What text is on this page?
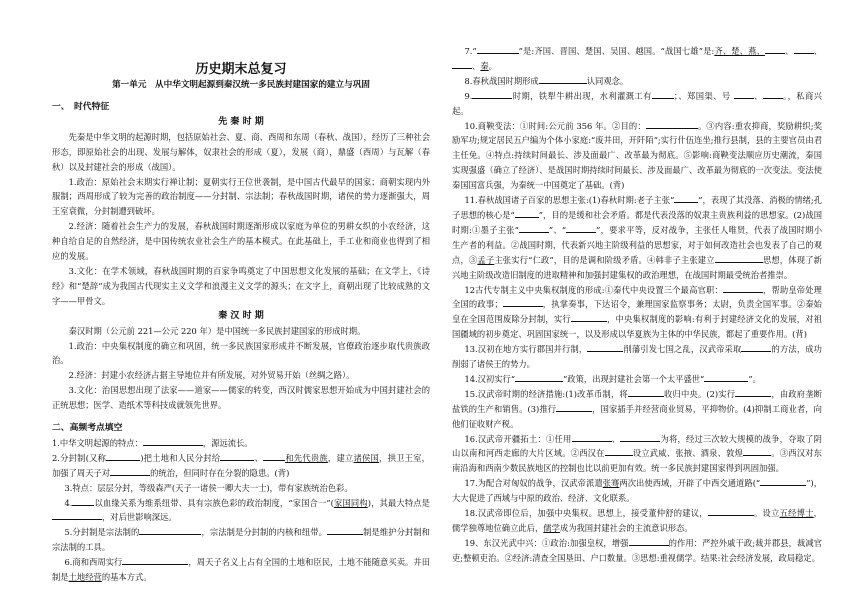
历史期末总复习
第一单元　从中华文明起源到秦汉统一多民族封建国家的建立与巩固

一、　时代特征

先 秦 时 期

先秦是中华文明的起源时期，包括原始社会、夏、商、西周和东周（春秋、战国），经历了三种社会形态，即原始社会的出现、发展与解体，奴隶社会的形成（夏），发展（商），鼎盛（西周）与瓦解（春秋）以及封建社会的形成（战国）。

1.政治：原始社会末期实行禅让制；夏朝实行王位世袭制，是中国古代最早的国家；商朝实现内外服制；西周形成了较为完善的政治制度——分封制、宗法制；春秋战国时期，诸侯的势力逐渐强大，周王室衰微，分封制遭到破坏。

2.经济：随着社会生产力的发展，春秋战国时期逐渐形成以家庭为单位的男耕女织的小农经济，这种自给自足的自然经济，是中国传统农业社会生产的基本模式。在此基础上，手工业和商业也得到了相应的发展。

3.文化：在学术领域，春秋战国时期的百家争鸣奠定了中国思想文化发展的基础；在文学上，《诗经》和“楚辞”成为我国古代现实主义文学和浪漫主义文学的源头；在文字上，商朝出现了比较成熟的文字——甲骨文。

秦 汉 时 期

秦汉时期（公元前 221—公元 220 年）是中国统一多民族封建国家的形成时期。

1.政治：中央集权制度的确立和巩固，统一多民族国家形成并不断发展，官僚政治逐步取代贵族政治。

2.经济：封建小农经济占据主导地位并有所发展，对外贸易开始（丝绸之路）。

3.文化：治国思想出现了法家——道家——儒家的转变，西汉时儒家思想开始成为中国封建社会的正统思想；医学、造纸术等科技成就领先世界。

二、高频考点填空

1.中华文明起源的特点：	，源远流长。

2.分封制(又称	)把土地和人民分封给	、	和先代贵族，建立诸侯国，拱卫王室，加强了周天子对	的统治，但同时存在分裂的隐患。(背)

3.特点：层层分封，等级森严(天子一诸侯一卿大夫一士)，带有家族统治色彩。

4.	以血缘关系为维系纽带、具有宗族色彩的政治制度，“家国合一”(家国同构)，其最大特点是，对后世影响深远。

5.分封制是宗法制的	，宗法制是分封制的内核和纽带。	制是维护分封制和宗法制的工具。

6.商和西周实行	，周天子名义上占有全国的土地和臣民，土地不能随意买卖。井田制是土地经营的基本方式。

7.“	”是:齐国、晋国、楚国、吴国、越国。“战国七雄”是:齐、楚、燕、 、 、、秦。

8.春秋战国时期形成	认同观念。

9.	时期，铁犁牛耕出现，水利灌溉工有	；、郑国渠、号 、 。，私商兴起。

10.商鞅变法：①时间:公元前 356 年。②目的：	。③内容:重农抑商，奖励耕织;奖励军功;规定居民五户编为个体小家庭:“废井田，开阡陌”;实行什伍连坐;推行县制，县的主要官员由君主任免。④特点:持续时间最长、涉及面最广、改革最为彻底。⑤影响:商鞅变法顺应历史潮流，秦国实现强盛（确立了经济）、是战国时期持续时间最长、涉及面最广、改革最为彻底的一次变法。变法使秦国国富兵强，为秦统一中国奠定了基础。(背)

11.春秋战国诸子百家的思想主张:(1)春秋时期:老子主张“	”，表现了其没落、消极的情绪;孔子思想的核心是“	”，目的是缓和社会矛盾。都是代表没落的奴隶主贵族利益的思想家。(2)战国时期:①墨子主张“	”、“	”，要求平等，反对战争，主张任人唯贤，代表了战国时期小生产者的利益。②战国时期，代表新兴地主阶级利益的思想家，对于如何改造社会也发表了自己的观点，③孟子主张实行“仁政”，目的是调和阶级矛盾。④韩非子主张建立	思想，体现了新兴地主阶级改造旧制度的进取精神和加强封建集权的政治理想，在战国时期最受统治者推崇。

12古代专制主义中央集权制度的形成:①秦代中央设置三个最高官职：	，帮助皇帝处理全国的政事；	，执掌奏事，下达诏令，兼理国家监察事务；太尉，负责全国军事。②秦始皇在全国范围废除分封制，实行	，中央集权制度的影响:有利于封建经济文化的发展，对祖国疆域的初步奠定、巩固国家统一，以及形成以华夏族为主体的中华民族，都起了重要作用。(背)

13.汉初在地方实行郡国并行制，	削藩引发七国之乱，汉武帝采取	的方法，成功削弱了诸侯王的势力。

14.汉初实行“	”政策，出现封建社会第一个太平盛世“	”。

15.汉武帝时期的经济措施:(1)改革币制，将	收归中央。(2)实行	，由政府垄断盐铁的生产和销售。(3)推行	，国家插手并经营商业贸易，平抑物价。(4)抑制工商业者，向他们征收财产税。

16.汉武帝开疆拓土：①任用	、	为将，经过三次较大规模的战争，夺取了阴山以南和河西走廊的大片区域。②西汉在	设立武威、张掖、酒泉、敦煌	。③西汉对东南沿海和西南少数民族地区的控制也比以前更加有效。统一多民族封建国家得到巩固加强。

17.为配合对匈奴的战争，汉武帝派遣张骞两次出使西域，开辟了中西交通道路(“	”)，大大促进了西域与中原的政治、经济、文化联系。

18.汉武帝即位后，加强中央集权。思想上，接受董仲舒的建议，	。设立五经博士，儒学独尊地位确立此后，儒学成为我国封建社会的主流意识形态。

19、东汉光武中兴：①政治:加强皇权，增强	的作用：严控外戚干政;裁并郡县，裁减官吏;整顿吏治。②经济:清查全国垦田、户口数量。③思想:重视儒学。结果:社会经济发展，政局稳定。
